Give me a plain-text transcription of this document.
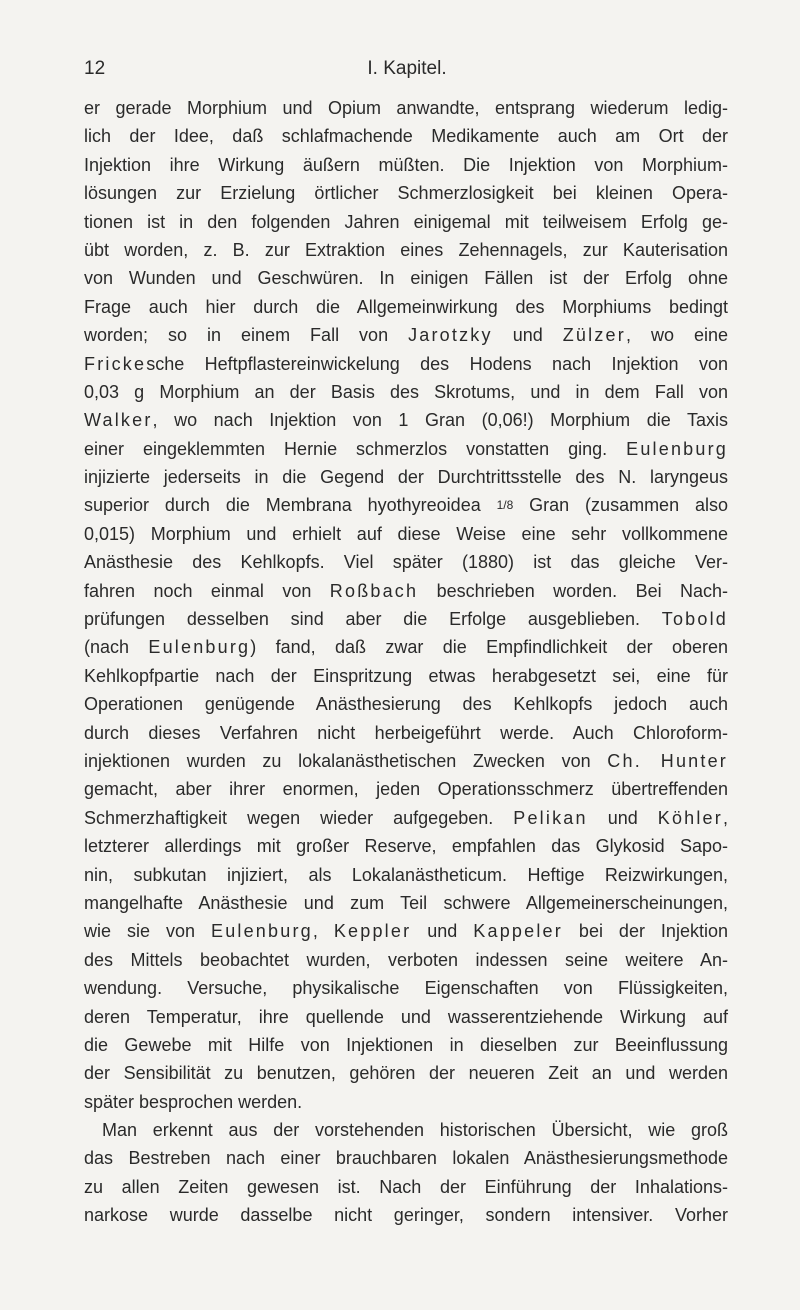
12	I. Kapitel.
er gerade Morphium und Opium anwandte, entsprang wiederum ledig-
lich der Idee, daß schlafmachende Medikamente auch am Ort der
Injektion ihre Wirkung äußern müßten. Die Injektion von Morphium-
lösungen zur Erzielung örtlicher Schmerzlosigkeit bei kleinen Opera-
tionen ist in den folgenden Jahren einigemal mit teilweisem Erfolg ge-
übt worden, z. B. zur Extraktion eines Zehennagels, zur Kauterisation
von Wunden und Geschwüren. In einigen Fällen ist der Erfolg ohne
Frage auch hier durch die Allgemeinwirkung des Morphiums bedingt
worden; so in einem Fall von Jarotzky und Zülzer, wo eine
Frickesche Heftpflastereinwickelung des Hodens nach Injektion von
0,03 g Morphium an der Basis des Skrotums, und in dem Fall von
Walker, wo nach Injektion von 1 Gran (0,06!) Morphium die Taxis
einer eingeklemmten Hernie schmerzlos vonstatten ging. Eulenburg
injizierte jederseits in die Gegend der Durchtrittsstelle des N. laryngeus
superior durch die Membrana hyothyreoidea 1/8 Gran (zusammen also
0,015) Morphium und erhielt auf diese Weise eine sehr vollkommene
Anästhesie des Kehlkopfs. Viel später (1880) ist das gleiche Ver-
fahren noch einmal von Roßbach beschrieben worden. Bei Nach-
prüfungen desselben sind aber die Erfolge ausgeblieben. Tobold
(nach Eulenburg) fand, daß zwar die Empfindlichkeit der oberen
Kehlkopfpartie nach der Einspritzung etwas herabgesetzt sei, eine für
Operationen genügende Anästhesierung des Kehlkopfs jedoch auch
durch dieses Verfahren nicht herbeigeführt werde. Auch Chloroform-
injektionen wurden zu lokalanästhetischen Zwecken von Ch. Hunter
gemacht, aber ihrer enormen, jeden Operationsschmerz übertreffenden
Schmerzhaftigkeit wegen wieder aufgegeben. Pelikan und Köhler,
letzterer allerdings mit großer Reserve, empfahlen das Glykosid Sapo-
nin, subkutan injiziert, als Lokalanästheticum. Heftige Reizwirkungen,
mangelhafte Anästhesie und zum Teil schwere Allgemeinerscheinungen,
wie sie von Eulenburg, Keppler und Kappeler bei der Injektion
des Mittels beobachtet wurden, verboten indessen seine weitere An-
wendung. Versuche, physikalische Eigenschaften von Flüssigkeiten,
deren Temperatur, ihre quellende und wasserentziehende Wirkung auf
die Gewebe mit Hilfe von Injektionen in dieselben zur Beeinflussung
der Sensibilität zu benutzen, gehören der neueren Zeit an und werden
später besprochen werden.
Man erkennt aus der vorstehenden historischen Übersicht, wie groß
das Bestreben nach einer brauchbaren lokalen Anästhesierungsmethode
zu allen Zeiten gewesen ist. Nach der Einführung der Inhalations-
narkose wurde dasselbe nicht geringer, sondern intensiver. Vorher
